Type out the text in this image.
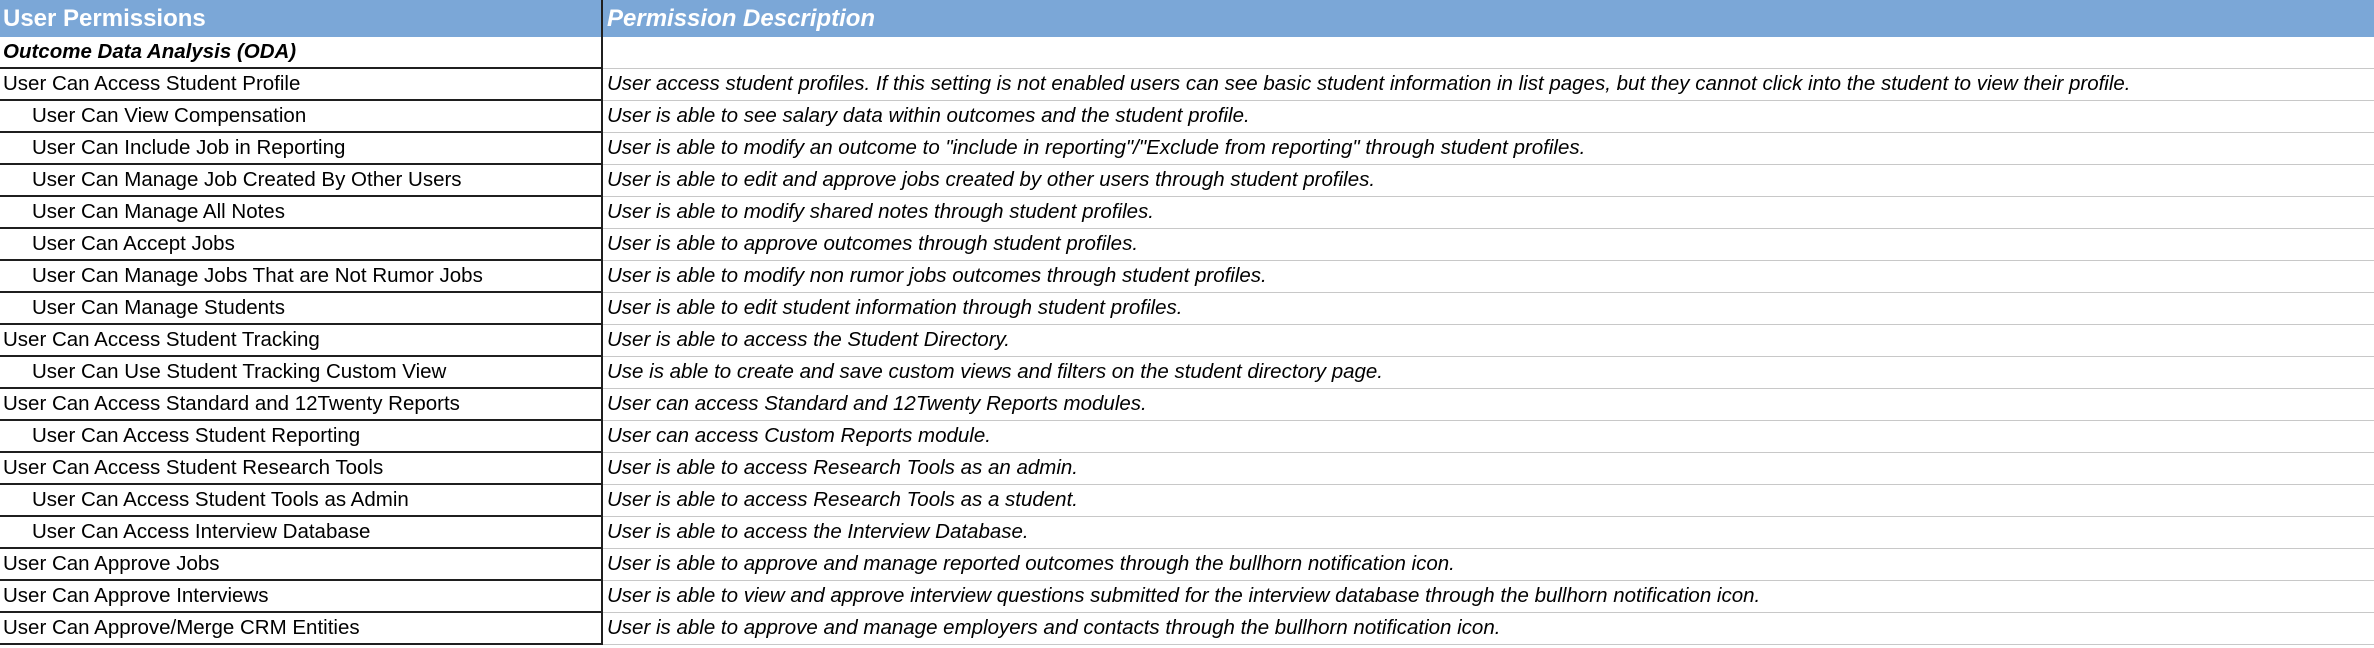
User Permissions	Permission Description
Outcome Data Analysis (ODA)	
User Can Access Student Profile	User access student profiles. If this setting is not enabled users can see basic student information in list pages, but they cannot click into the student to view their profile.
User Can View Compensation	User is able to see salary data within outcomes and the student profile.
User Can Include Job in Reporting	User is able to modify an outcome to "include in reporting"/"Exclude from reporting" through student profiles.
User Can Manage Job Created By Other Users	User is able to edit and approve jobs created by other users through student profiles.
User Can Manage All Notes	User is able to modify shared notes through student profiles.
User Can Accept Jobs	User is able to approve outcomes through student profiles.
User Can Manage Jobs That are Not Rumor Jobs	User is able to modify non rumor jobs outcomes through student profiles.
User Can Manage Students	User is able to edit student information through student profiles.
User Can Access Student Tracking	User is able to access the Student Directory.
User Can Use Student Tracking Custom View	Use is able to create and save custom views and filters on the student directory page.
User Can Access Standard and 12Twenty Reports	User can access Standard and 12Twenty Reports modules.
User Can Access Student Reporting	User can access Custom Reports module.
User Can Access Student Research Tools	User is able to access Research Tools as an admin.
User Can Access Student Tools as Admin	User is able to access Research Tools as a student.
User Can Access Interview Database	User is able to access the Interview Database.
User Can Approve Jobs	User is able to approve and manage reported outcomes through the bullhorn notification icon.
User Can Approve Interviews	User is able to view and approve interview questions submitted for the interview database through the bullhorn notification icon.
User Can Approve/Merge CRM Entities	User is able to approve and manage employers and contacts through the bullhorn notification icon.
